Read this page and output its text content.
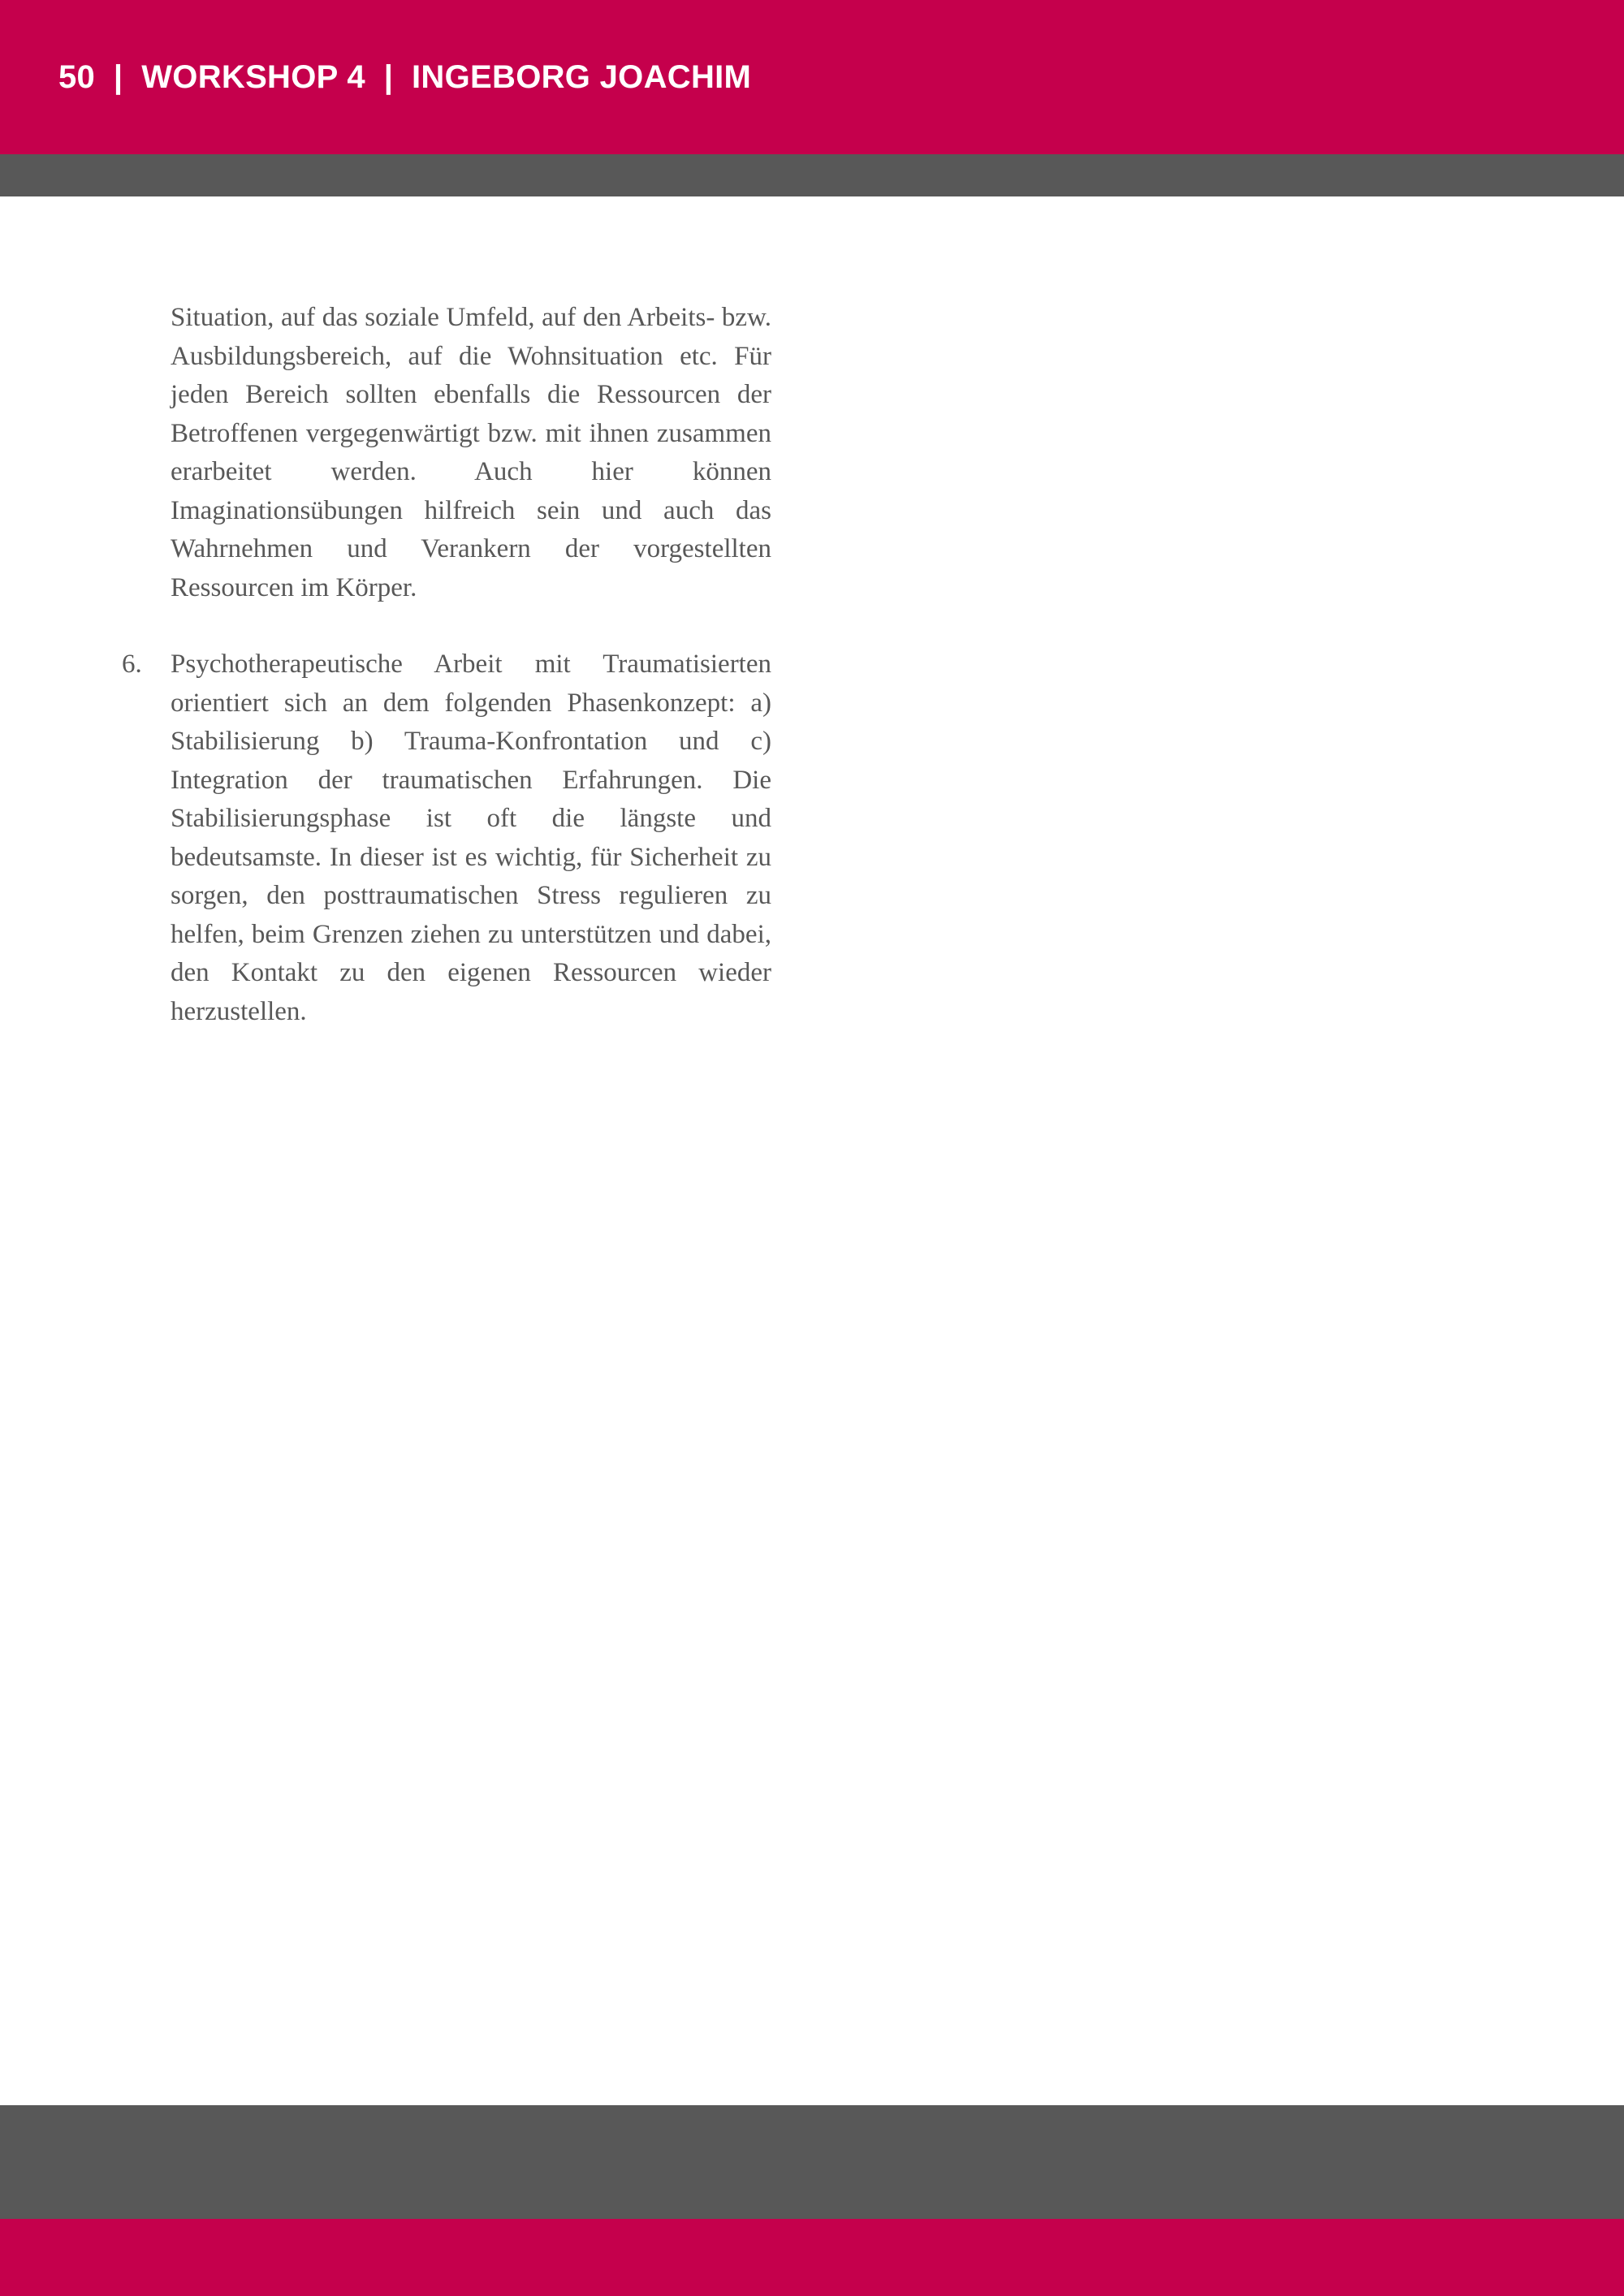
50  |  WORKSHOP 4  |  INGEBORG JOACHIM

Situation, auf das soziale Umfeld, auf den Arbeits- bzw. Ausbildungsbereich, auf die Wohnsituation etc. Für jeden Bereich sollten ebenfalls die Ressourcen der Betroffenen vergegenwärtigt bzw. mit ihnen zusammen erarbeitet werden. Auch hier können Imaginationsübungen hilfreich sein und auch das Wahrnehmen und Verankern der vorgestellten Ressourcen im Körper.

6.	Psychotherapeutische Arbeit mit Traumatisierten orientiert sich an dem folgenden Phasenkonzept: a) Stabilisierung b) Trauma-Konfrontation und c) Integration der traumatischen Erfahrungen. Die Stabilisierungsphase ist oft die längste und bedeutsamste. In dieser ist es wichtig, für Sicherheit zu sorgen, den posttraumatischen Stress regulieren zu helfen, beim Grenzen ziehen zu unterstützen und dabei, den Kontakt zu den eigenen Ressourcen wieder herzustellen.
